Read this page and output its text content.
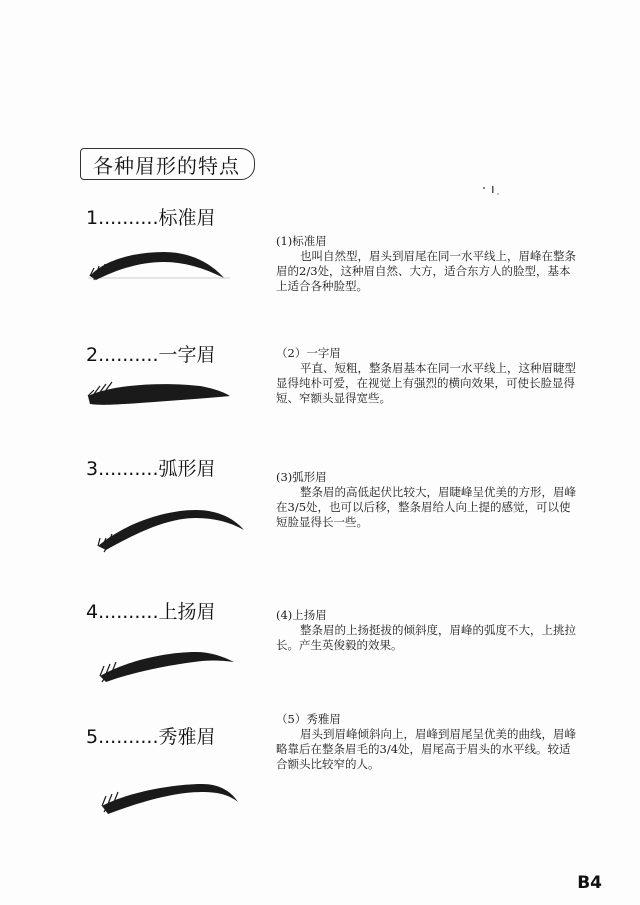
各种眉形的特点
1..........标准眉
(1)标准眉
也叫自然型，眉头到眉尾在同一水平线上，眉峰在整条眉的2/3处，这种眉自然、大方，适合东方人的脸型，基本上适合各种脸型。
2..........一字眉	（2）一字眉
平直、短粗，整条眉基本在同一水平线上，这种眉睫型显得纯朴可爱，在视觉上有强烈的横向效果，可使长脸显得短、窄额头显得宽些。
3..........弧形眉	(3)弧形眉
整条眉的高低起伏比较大，眉睫峰呈优美的方形，眉峰在3/5处，也可以后移，整条眉给人向上提的感觉，可以使短脸显得长一些。
4..........上扬眉	(4)上扬眉
整条眉的上扬挺拔的倾斜度，眉峰的弧度不大，上挑拉长。产生英俊毅的效果。
5..........秀雅眉
（5）秀雅眉
眉头到眉峰倾斜向上，眉峰到眉尾呈优美的曲线，眉峰略靠后在整条眉毛的3/4处，眉尾高于眉头的水平线。较适合额头比较窄的人。
B4
